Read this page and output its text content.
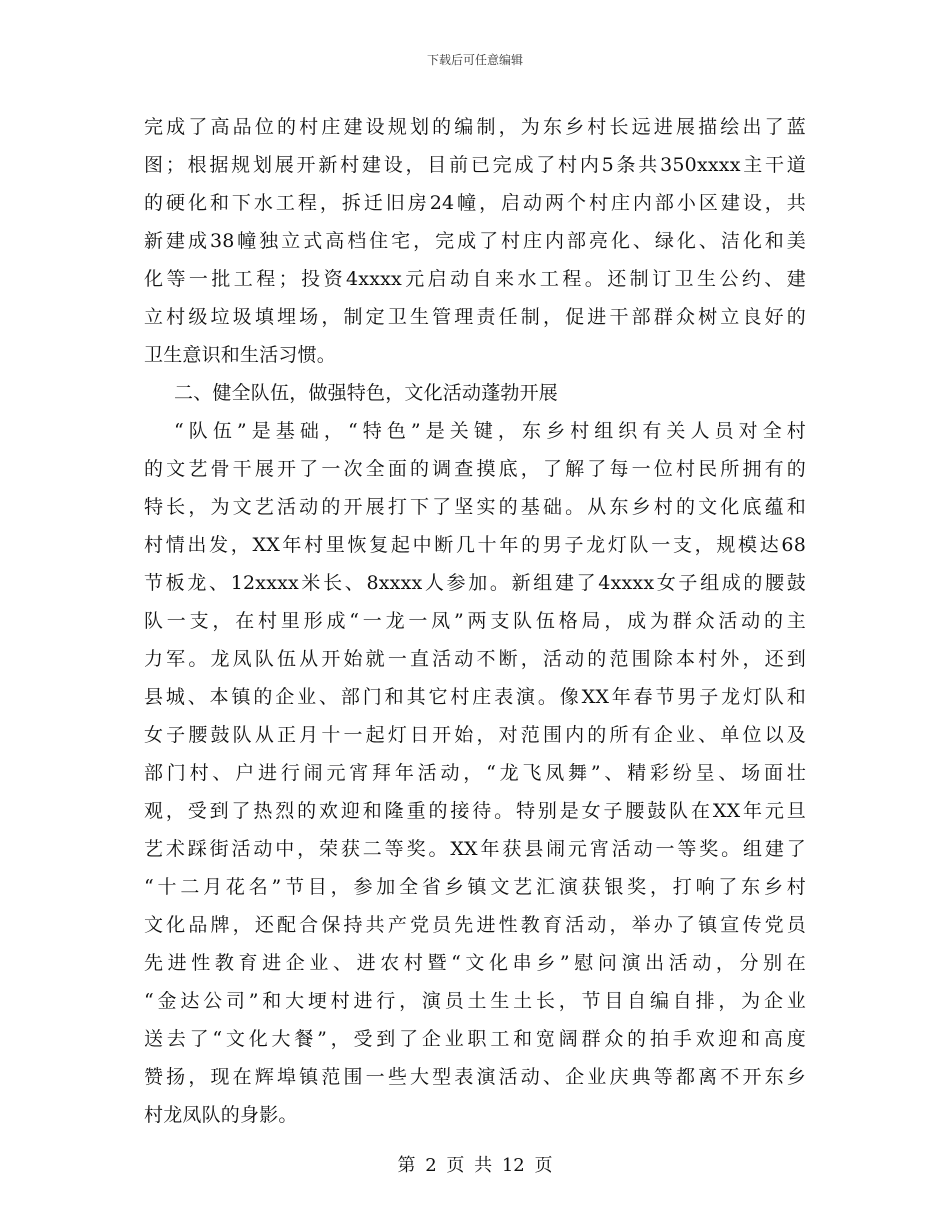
下载后可任意编辑
完成了高品位的村庄建设规划的编制，为东乡村长远进展描绘出了蓝
图；根据规划展开新村建设，目前已完成了村内5条共350xxxx主干道
的硬化和下水工程，拆迁旧房24幢，启动两个村庄内部小区建设，共
新建成38幢独立式高档住宅，完成了村庄内部亮化、绿化、洁化和美
化等一批工程；投资4xxxx元启动自来水工程。还制订卫生公约、建
立村级垃圾填埋场，制定卫生管理责任制，促进干部群众树立良好的
卫生意识和生活习惯。
二、健全队伍，做强特色，文化活动蓬勃开展
“队伍”是基础，“特色”是关键，东乡村组织有关人员对全村
的文艺骨干展开了一次全面的调查摸底，了解了每一位村民所拥有的
特长，为文艺活动的开展打下了坚实的基础。从东乡村的文化底蕴和
村情出发，XX年村里恢复起中断几十年的男子龙灯队一支，规模达68
节板龙、12xxxx米长、8xxxx人参加。新组建了4xxxx女子组成的腰鼓
队一支，在村里形成“一龙一凤”两支队伍格局，成为群众活动的主
力军。龙凤队伍从开始就一直活动不断，活动的范围除本村外，还到
县城、本镇的企业、部门和其它村庄表演。像XX年春节男子龙灯队和
女子腰鼓队从正月十一起灯日开始，对范围内的所有企业、单位以及
部门村、户进行闹元宵拜年活动，“龙飞凤舞”、精彩纷呈、场面壮
观，受到了热烈的欢迎和隆重的接待。特别是女子腰鼓队在XX年元旦
艺术踩街活动中，荣获二等奖。XX年获县闹元宵活动一等奖。组建了
“十二月花名”节目，参加全省乡镇文艺汇演获银奖，打响了东乡村
文化品牌，还配合保持共产党员先进性教育活动，举办了镇宣传党员
先进性教育进企业、进农村暨“文化串乡”慰问演出活动，分别在
“金达公司”和大埂村进行，演员土生土长，节目自编自排，为企业
送去了“文化大餐”，受到了企业职工和宽阔群众的拍手欢迎和高度
赞扬，现在辉埠镇范围一些大型表演活动、企业庆典等都离不开东乡
村龙凤队的身影。
第 2 页 共 12 页
